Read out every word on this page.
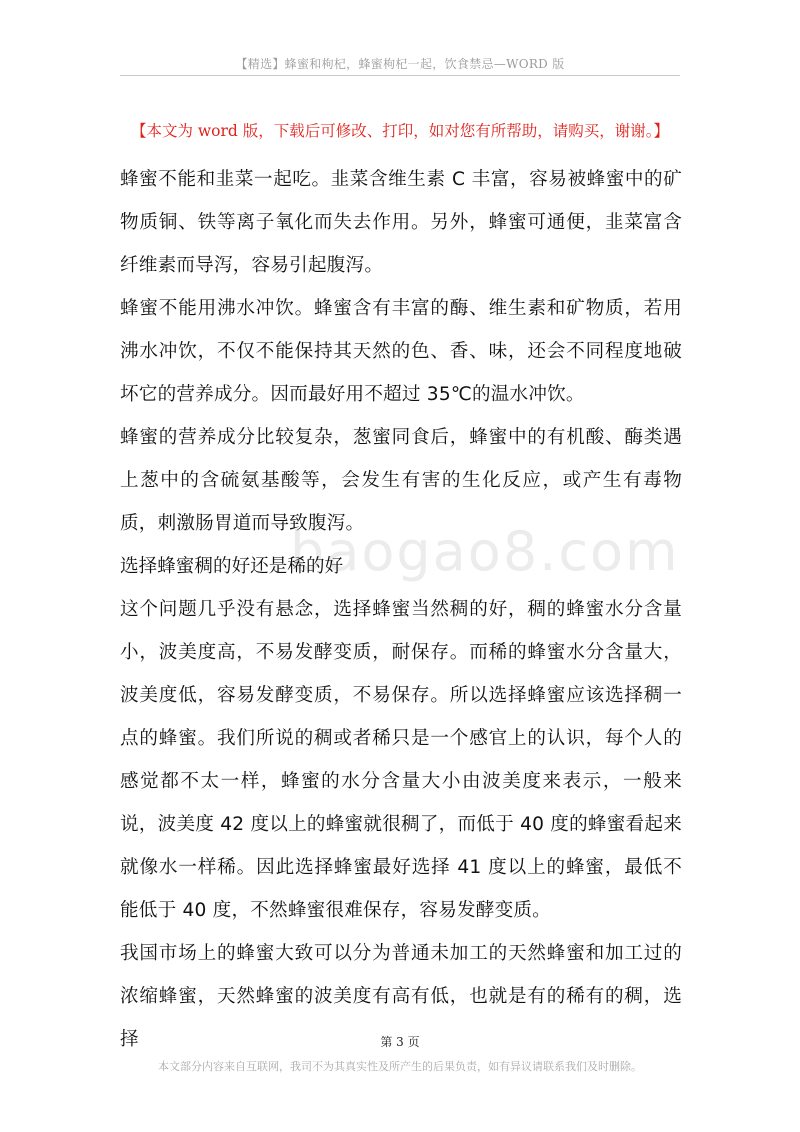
【精选】蜂蜜和枸杞，蜂蜜枸杞一起，饮食禁忌—WORD 版
【本文为 word 版，下载后可修改、打印，如对您有所帮助，请购买，谢谢。】
baogao8.com

蜂蜜不能和韭菜一起吃。韭菜含维生素 C 丰富，容易被蜂蜜中的矿物质铜、铁等离子氧化而失去作用。另外，蜂蜜可通便，韭菜富含纤维素而导泻，容易引起腹泻。

蜂蜜不能用沸水冲饮。蜂蜜含有丰富的酶、维生素和矿物质，若用沸水冲饮，不仅不能保持其天然的色、香、味，还会不同程度地破坏它的营养成分。因而最好用不超过 35℃的温水冲饮。

蜂蜜的营养成分比较复杂，葱蜜同食后，蜂蜜中的有机酸、酶类遇上葱中的含硫氨基酸等，会发生有害的生化反应，或产生有毒物质，刺激肠胃道而导致腹泻。

选择蜂蜜稠的好还是稀的好

这个问题几乎没有悬念，选择蜂蜜当然稠的好，稠的蜂蜜水分含量小，波美度高，不易发酵变质，耐保存。而稀的蜂蜜水分含量大，波美度低，容易发酵变质，不易保存。所以选择蜂蜜应该选择稠一点的蜂蜜。我们所说的稠或者稀只是一个感官上的认识，每个人的感觉都不太一样，蜂蜜的水分含量大小由波美度来表示，一般来说，波美度 42 度以上的蜂蜜就很稠了，而低于 40 度的蜂蜜看起来就像水一样稀。因此选择蜂蜜最好选择 41 度以上的蜂蜜，最低不能低于 40 度，不然蜂蜜很难保存，容易发酵变质。

我国市场上的蜂蜜大致可以分为普通未加工的天然蜂蜜和加工过的浓缩蜂蜜，天然蜂蜜的波美度有高有低，也就是有的稀有的稠，选择	第 3 页
本文部分内容来自互联网，我司不为其真实性及所产生的后果负责，如有异议请联系我们及时删除。
